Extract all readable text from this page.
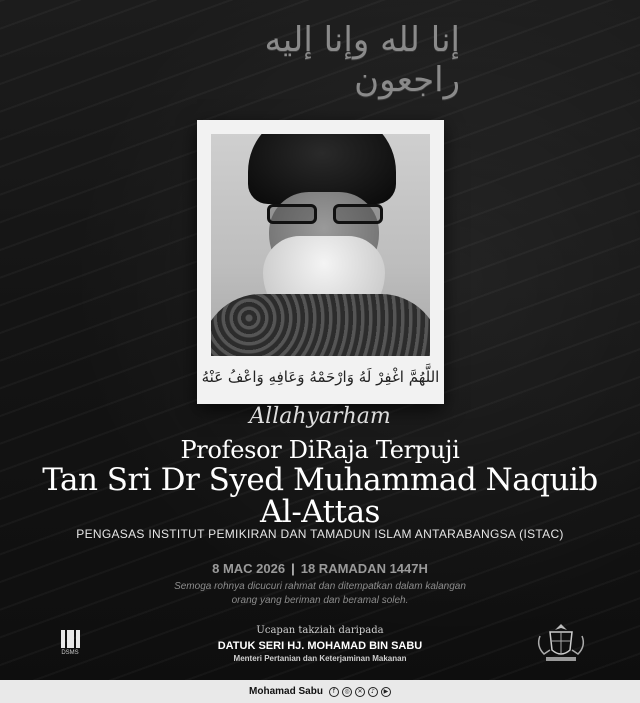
إنا لله وإنا إليه راجعون
اللَّهُمَّ اغْفِرْ لَهُ وَارْحَمْهُ وَعَافِهِ وَاعْفُ عَنْهُ
Allahyarham
Profesor DiRaja Terpuji
Tan Sri Dr Syed Muhammad Naquib
Al-Attas
PENGASAS INSTITUT PEMIKIRAN DAN TAMADUN ISLAM ANTARABANGSA (ISTAC)
8 MAC 2026 | 18 RAMADAN 1447H
Semoga rohnya dicucuri rahmat dan ditempatkan dalam kalangan
orang yang beriman dan beramal soleh.
DSMS
Ucapan takziah daripada
DATUK SERI HJ. MOHAMAD BIN SABU
Menteri Pertanian dan Keterjaminan Makanan
Mohamad Sabu	f	◎	✕	♪	▶
